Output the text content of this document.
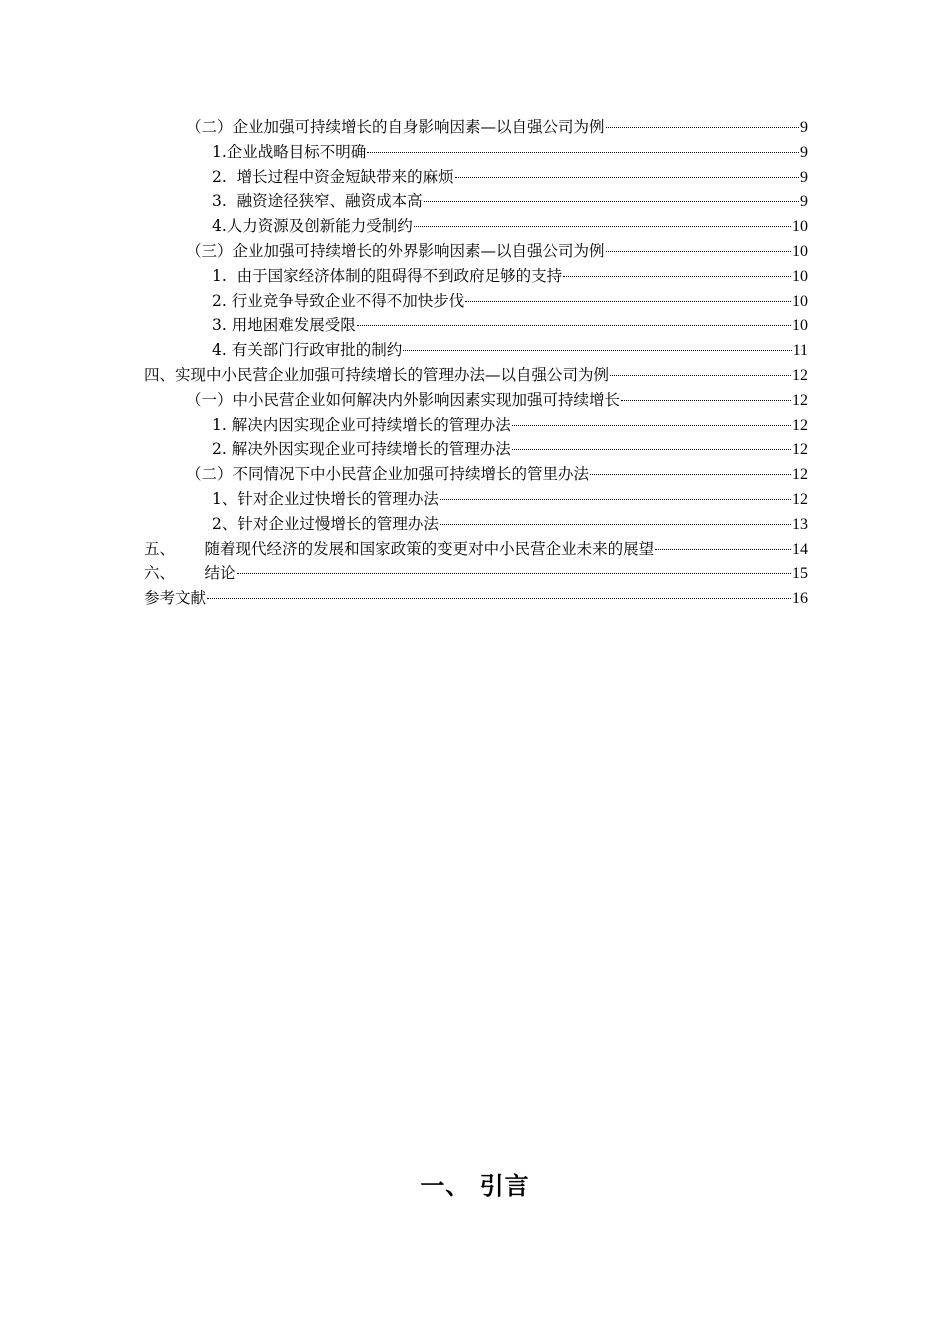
（二）企业加强可持续增长的自身影响因素—以自强公司为例	9
1.企业战略目标不明确	9
2.  增长过程中资金短缺带来的麻烦	9
3.  融资途径狭窄、融资成本高	9
4.人力资源及创新能力受制约	10
（三）企业加强可持续增长的外界影响因素—以自强公司为例	10
1.  由于国家经济体制的阻碍得不到政府足够的支持	10
2. 行业竞争导致企业不得不加快步伐	10
3. 用地困难发展受限	10
4. 有关部门行政审批的制约	11
四、实现中小民营企业加强可持续增长的管理办法—以自强公司为例	12
（一）中小民营企业如何解决内外影响因素实现加强可持续增长	12
1. 解决内因实现企业可持续增长的管理办法	12
2. 解决外因实现企业可持续增长的管理办法	12
（二）不同情况下中小民营企业加强可持续增长的管里办法	12
1、针对企业过快增长的管理办法	12
2、针对企业过慢增长的管理办法	13
五、      随着现代经济的发展和国家政策的变更对中小民营企业未来的展望	14
六、      结论	15
参考文献	16
一、 引言
